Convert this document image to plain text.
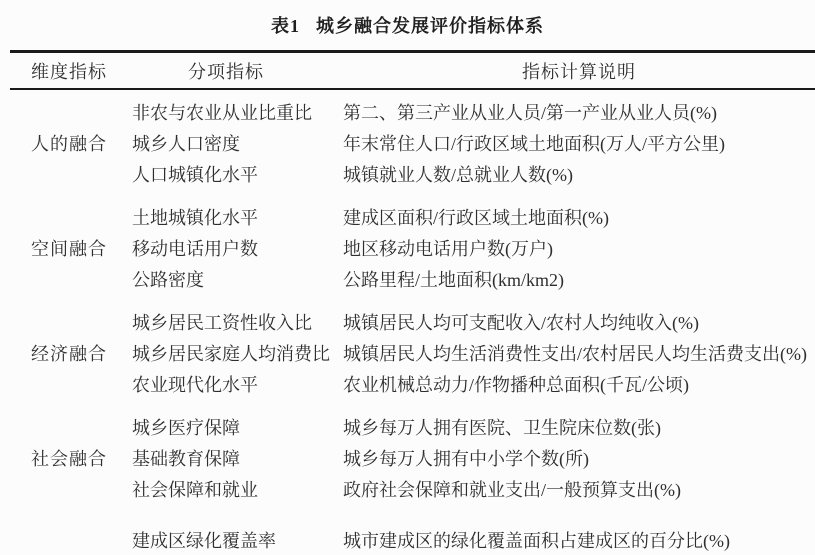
表1 城乡融合发展评价指标体系
维度指标	分项指标	指标计算说明
人的融合
非农与农业从业比重比	第二、第三产业从业人员/第一产业从业人员(%)
城乡人口密度	年末常住人口/行政区域土地面积(万人/平方公里)
人口城镇化水平	城镇就业人数/总就业人数(%)
空间融合
土地城镇化水平	建成区面积/行政区域土地面积(%)
移动电话用户数	地区移动电话用户数(万户)
公路密度	公路里程/土地面积(km/km2)
经济融合
城乡居民工资性收入比	城镇居民人均可支配收入/农村人均纯收入(%)
城乡居民家庭人均消费比 城镇居民人均生活消费性支出/农村居民人均生活费支出(%)
农业现代化水平	农业机械总动力/作物播种总面积(千瓦/公顷)
社会融合
城乡医疗保障	城乡每万人拥有医院、卫生院床位数(张)
基础教育保障	城乡每万人拥有中小学个数(所)
社会保障和就业	政府社会保障和就业支出/一般预算支出(%)
建成区绿化覆盖率	城市建成区的绿化覆盖面积占建成区的百分比(%)
